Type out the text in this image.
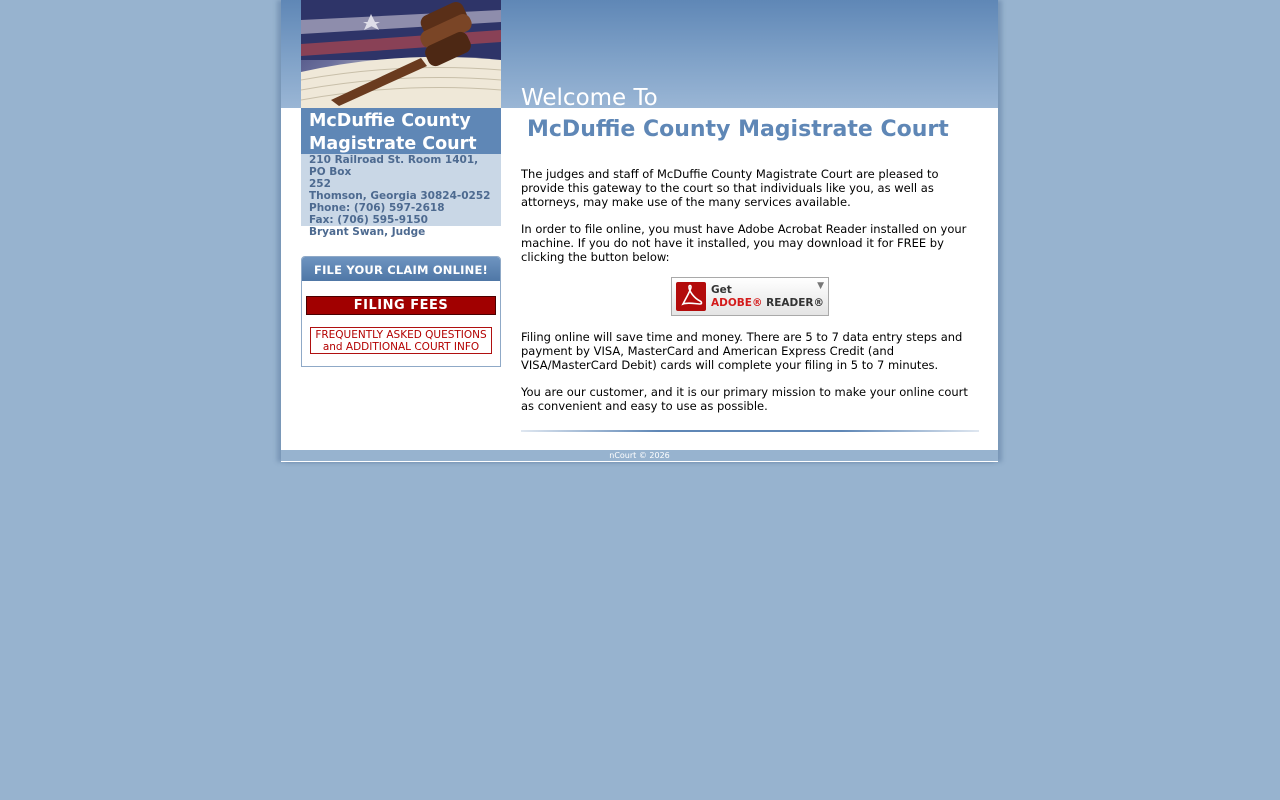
Welcome To
McDuffie County
Magistrate Court
210 Railroad St. Room 1401, PO Box
252
Thomson, Georgia 30824-0252
Phone: (706) 597-2618
Fax: (706) 595-9150
Bryant Swan, Judge
FILE YOUR CLAIM ONLINE!
FILING FEES
FREQUENTLY ASKED QUESTIONS
and ADDITIONAL COURT INFO
McDuffie County Magistrate Court

The judges and staff of McDuffie County Magistrate Court are pleased to provide this gateway to the court so that individuals like you, as well as attorneys, may make use of the many services available.

In order to file online, you must have Adobe Acrobat Reader installed on your machine. If you do not have it installed, you may download it for FREE by clicking the button below:

Get
ADOBE® READER®
▼

Filing online will save time and money. There are 5 to 7 data entry steps and payment by VISA, MasterCard and American Express Credit (and VISA/MasterCard Debit) cards will complete your filing in 5 to 7 minutes.

You are our customer, and it is our primary mission to make your online court as convenient and easy to use as possible.

nCourt © 2026
